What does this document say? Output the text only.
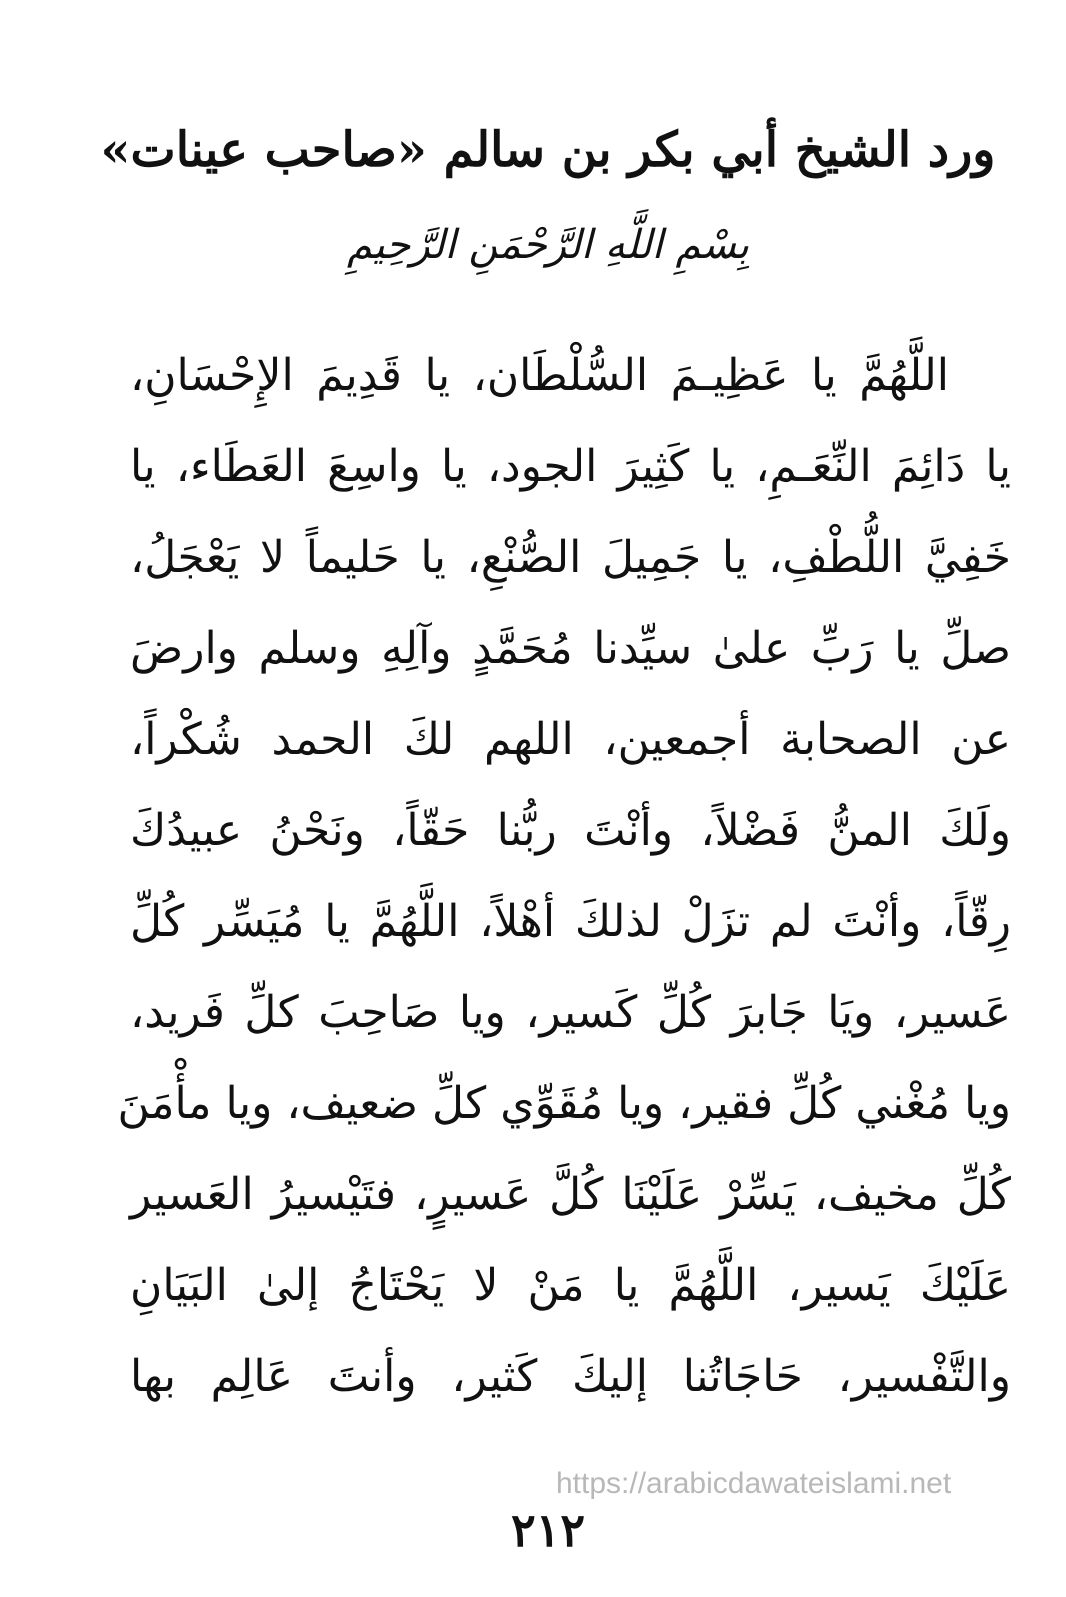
ورد الشيخ أبي بكر بن سالم «صاحب عينات»
بِسْمِ اللَّهِ الرَّحْمَنِ الرَّحِيمِ
اللَّهُمَّ يا عَظِيـمَ السُّلْطَان، يا قَدِيمَ الإِحْسَانِ،
يا دَائِمَ النِّعَـمِ، يا كَثِيرَ الجود، يا واسِعَ العَطَاء، يا
خَفِيَّ اللُّطْفِ، يا جَمِيلَ الصُّنْعِ، يا حَليماً لا يَعْجَلُ،
صلِّ يا رَبِّ علىٰ سيِّدنا مُحَمَّدٍ وآلِهِ وسلم وارضَ
عن الصحابة أجمعين، اللهم لكَ الحمد شُكْراً،
ولَكَ المنُّ فَضْلاً، وأنْتَ ربُّنا حَقّاً، ونَحْنُ عبيدُكَ
رِقّاً، وأنْتَ لم تزَلْ لذلكَ أهْلاً، اللَّهُمَّ يا مُيَسِّر كُلِّ
عَسير، ويَا جَابرَ كُلِّ كَسير، ويا صَاحِبَ كلِّ فَريد،
ويا مُغْني كُلِّ فقير، ويا مُقَوِّي كلِّ ضعيف، ويا مأْمَنَ
كُلِّ مخيف، يَسِّرْ عَلَيْنَا كُلَّ عَسيرٍ، فتَيْسيرُ العَسير
عَلَيْكَ يَسير، اللَّهُمَّ يا مَنْ لا يَحْتَاجُ إلىٰ البَيَانِ
والتَّفْسير، حَاجَاتُنا إليكَ كَثير، وأنتَ عَالِم بها
https://arabicdawateislami.net
٢١٢
